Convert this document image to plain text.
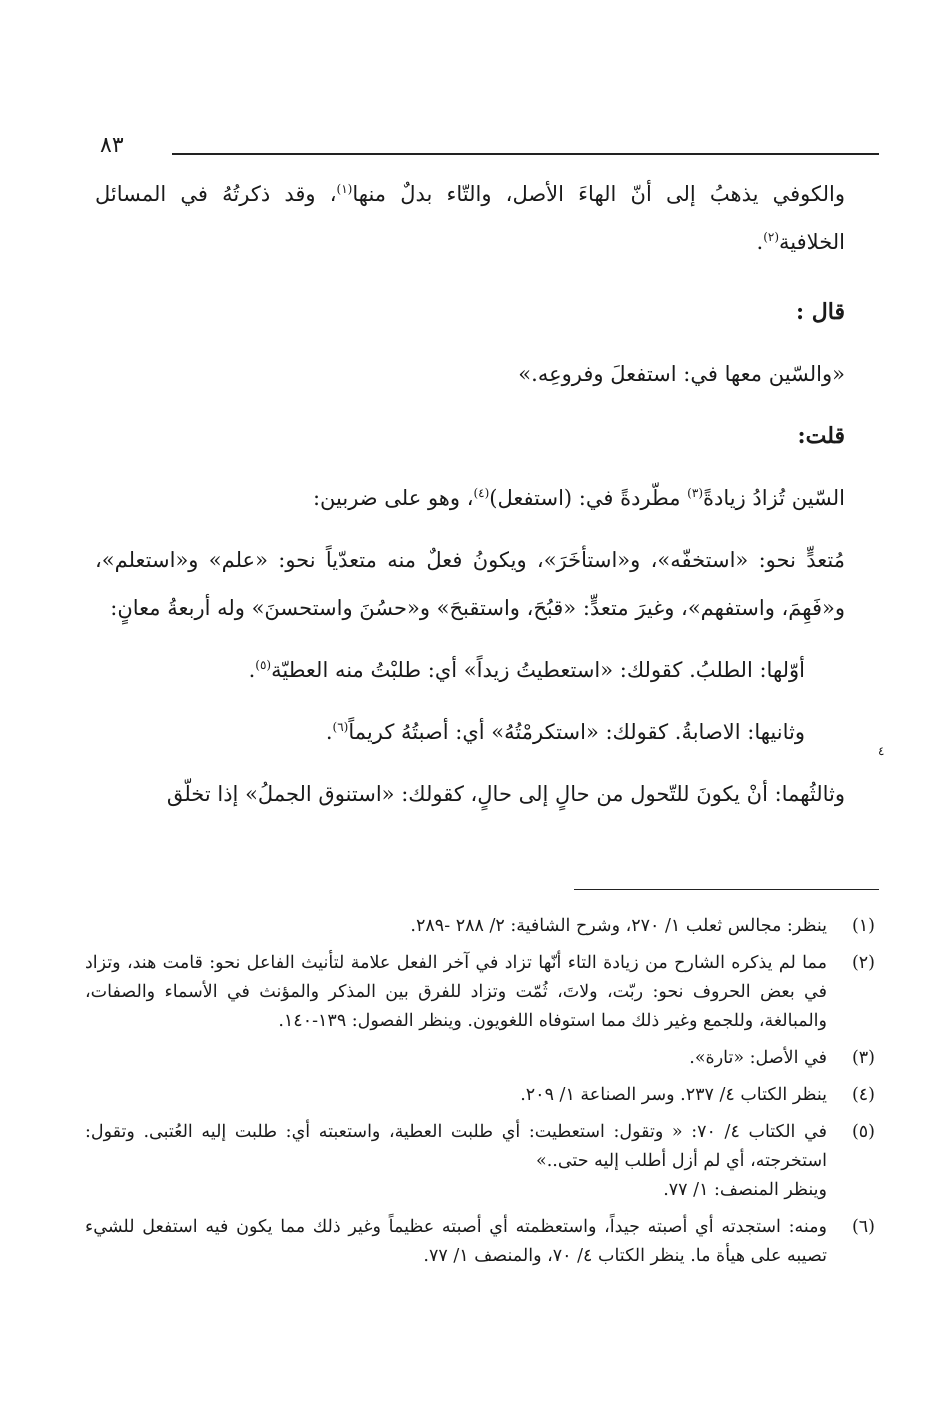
٨٣

والكوفي يذهبُ إلى أنّ الهاءَ الأصل، والتّاء بدلٌ منها$^{(١)}$، وقد ذكرتُهُ في المسائل الخلافية$^{(٢)}$.

قال :

«والسّين معها في: استفعلَ وفروعِه.»

قلت:

السّين تُزادُ زيادةً$^{(٣)}$ مطّردةً في: (استفعل)$^{(٤)}$، وهو على ضربين:

مُتعدٍّ نحو: «استخفّه»، و«استأخَرَ»، ويكونُ فعلٌ منه متعدّياً نحو: «علم» و«استعلم»، و«فَهِمَ، واستفهم»، وغيرَ متعدٍّ: «قبُحَ، واستقبحَ» و«حسُنَ واستحسنَ» وله أربعةُ معانٍ:

أوّلها: الطلبُ. كقولك: «استعطيتُ زيداً» أي: طلبْتُ منه العطيّة$^{(٥)}$.

وثانيها: الاصابةُ. كقولك: «استكرمْتُهُ» أي: أصبتُهُ كريماً$^{(٦)}$.

وثالثُهما: أنْ يكونَ للتّحول من حالٍ إلى حالٍ، كقولك: «استنوق الجملُ» إذا تخلّق

٤
(١)
ينظر: مجالس ثعلب ١/ ٢٧٠، وشرح الشافية: ٢/ ٢٨٨ -٢٨٩.
(٢)
مما لم يذكره الشارح من زيادة التاء أنّها تزاد في آخر الفعل علامة لتأنيث الفاعل نحو: قامت هند، وتزاد في بعض الحروف نحو: ربّت، ولاتَ، ثُمّت وتزاد للفرق بين المذكر والمؤنث في الأسماء والصفات، والمبالغة، وللجمع وغير ذلك مما استوفاه اللغويون. وينظر الفصول: ١٣٩-١٤٠.
(٣)
في الأصل: «تارة».
(٤)
ينظر الكتاب ٤/ ٢٣٧. وسر الصناعة ١/ ٢٠٩.
(٥)
في الكتاب ٤/ ٧٠: « وتقول: استعطيت: أي طلبت العطية، واستعبته أي: طلبت إليه العُتبى. وتقول: استخرجته، أي لم أزل أطلب إليه حتى..»
وينظر المنصف: ١/ ٧٧.
(٦)
ومنه: استجدته أي أصبته جيداً، واستعظمته أي أصبته عظيماً وغير ذلك مما يكون فيه استفعل للشيء تصيبه على هيأة ما. ينظر الكتاب ٤/ ٧٠، والمنصف ١/ ٧٧.
